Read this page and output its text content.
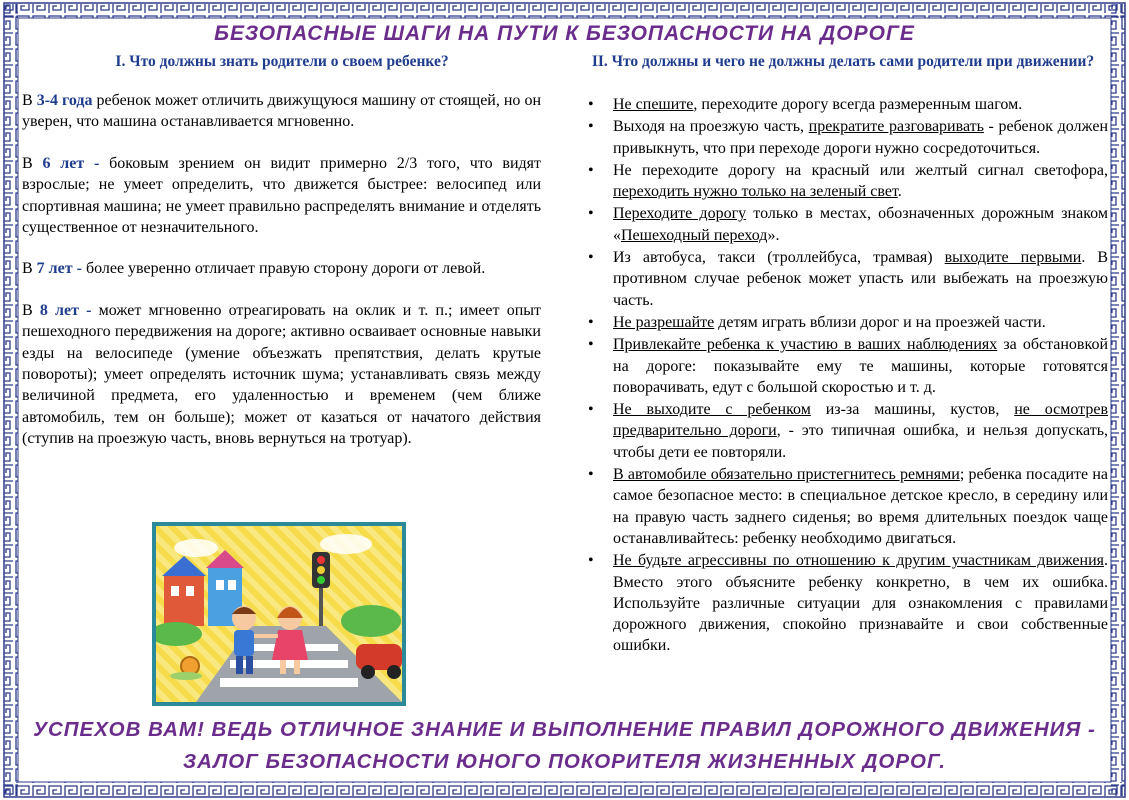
БЕЗОПАСНЫЕ ШАГИ НА ПУТИ К БЕЗОПАСНОСТИ НА ДОРОГЕ
I. Что должны знать родители о своем ребенке?	II. Что должны и чего не должны делать сами родители при движении?

В 3-4 года ребенок может отличить движущуюся машину от стоящей, но он уверен, что машина останавливается мгновенно.

В 6 лет - боковым зрением он видит примерно 2/3 того, что видят взрослые; не умеет определить, что движется быстрее: велосипед или спортивная машина; не умеет правильно распределять внимание и отделять существенное от незначительного.

В 7 лет - более уверенно отличает правую сторону дороги от левой.

В 8 лет - может мгновенно отреагировать на оклик и т. п.; имеет опыт пешеходного передвижения на дороге; активно осваивает основные навыки езды на велосипеде (умение объезжать препятствия, делать крутые повороты); умеет определять источник шума; устанавливать связь между величиной предмета, его удаленностью и временем (чем ближе автомобиль, тем он больше); может от казаться от начатого действия (ступив на проезжую часть, вновь вернуться на тротуар).

• Не спешите, переходите дорогу всегда размеренным шагом.
• Выходя на проезжую часть, прекратите разговаривать - ребенок должен привыкнуть, что при переходе дороги нужно сосредоточиться.
• Не переходите дорогу на красный или желтый сигнал светофора, переходить нужно только на зеленый свет.
• Переходите дорогу только в местах, обозначенных дорожным знаком «Пешеходный переход».
• Из автобуса, такси (троллейбуса, трамвая) выходите первыми. В противном случае ребенок может упасть или выбежать на проезжую часть.
• Не разрешайте детям играть вблизи дорог и на проезжей части.
• Привлекайте ребенка к участию в ваших наблюдениях за обстановкой на дороге: показывайте ему те машины, которые готовятся поворачивать, едут с большой скоростью и т. д.
• Не выходите с ребенком из-за машины, кустов, не осмотрев предварительно дороги, - это типичная ошибка, и нельзя допускать, чтобы дети ее повторяли.
• В автомобиле обязательно пристегнитесь ремнями; ребенка посадите на самое безопасное место: в специальное детское кресло, в середину или на правую часть заднего сиденья; во время длительных поездок чаще останавливайтесь: ребенку необходимо двигаться.
• Не будьте агрессивны по отношению к другим участникам движения. Вместо этого объясните ребенку конкретно, в чем их ошибка. Используйте различные ситуации для ознакомления с правилами дорожного движения, спокойно признавайте и свои собственные ошибки.
УСПЕХОВ ВАМ! ВЕДЬ ОТЛИЧНОЕ ЗНАНИЕ И ВЫПОЛНЕНИЕ ПРАВИЛ ДОРОЖНОГО ДВИЖЕНИЯ -
ЗАЛОГ БЕЗОПАСНОСТИ ЮНОГО ПОКОРИТЕЛЯ ЖИЗНЕННЫХ ДОРОГ.
